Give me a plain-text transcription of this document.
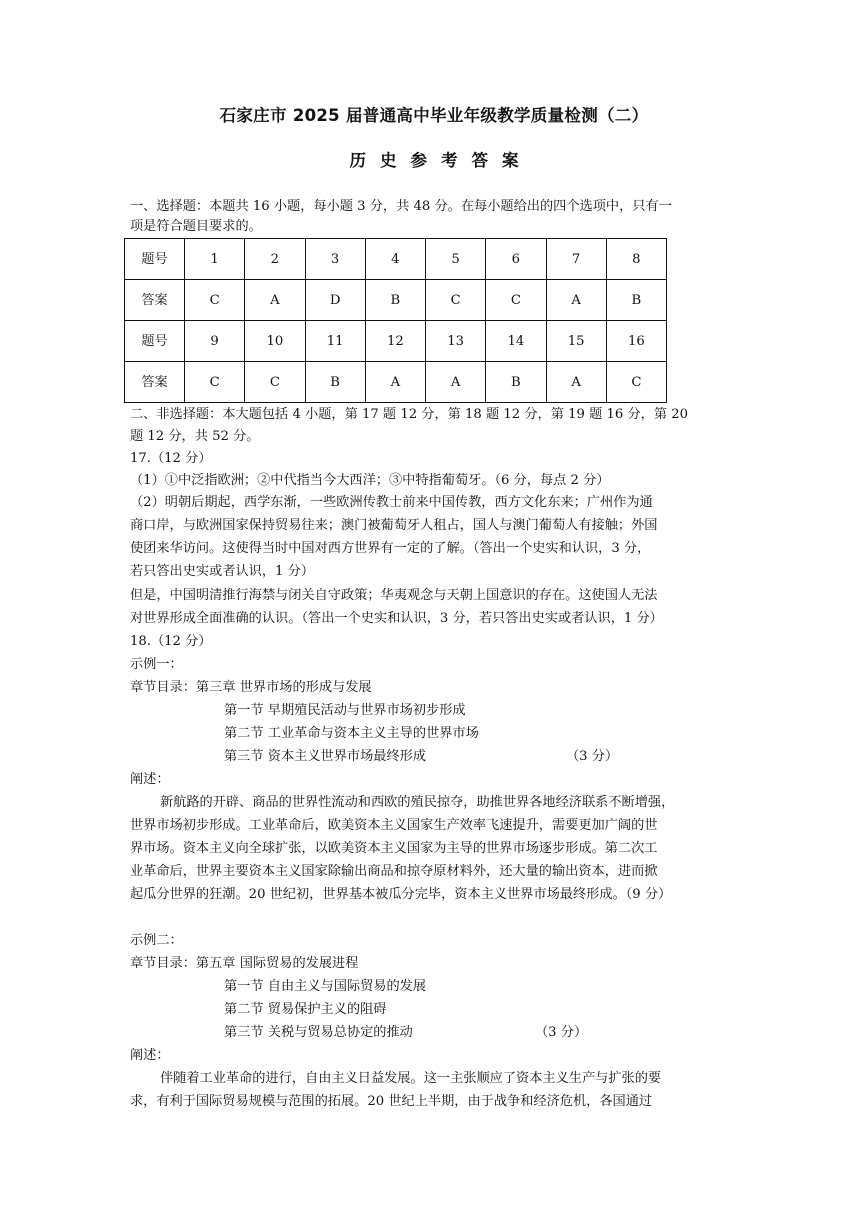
石家庄市 2025 届普通高中毕业年级教学质量检测（二）
历史参考答案
一、选择题：本题共 16 小题，每小题 3 分，共 48 分。在每小题给出的四个选项中，只有一
项是符合题目要求的。
题号	1	2	3	4	5	6	7	8
答案	C	A	D	B	C	C	A	B
题号	9	10	11	12	13	14	15	16
答案	C	C	B	A	A	B	A	C
二、非选择题：本大题包括 4 小题，第 17 题 12 分，第 18 题 12 分，第 19 题 16 分，第 20
题 12 分，共 52 分。
17.（12 分）
（1）①中泛指欧洲；②中代指当今大西洋；③中特指葡萄牙。（6 分，每点 2 分）
（2）明朝后期起，西学东渐，一些欧洲传教士前来中国传教，西方文化东来；广州作为通
商口岸，与欧洲国家保持贸易往来；澳门被葡萄牙人租占，国人与澳门葡萄人有接触；外国
使团来华访问。这使得当时中国对西方世界有一定的了解。（答出一个史实和认识，3 分，
若只答出史实或者认识，1 分）
但是，中国明清推行海禁与闭关自守政策；华夷观念与天朝上国意识的存在。这使国人无法
对世界形成全面准确的认识。（答出一个史实和认识，3 分，若只答出史实或者认识，1 分）
18.（12 分）
示例一：
章节目录：第三章 世界市场的形成与发展
第一节 早期殖民活动与世界市场初步形成
第二节 工业革命与资本主义主导的世界市场
第三节 资本主义世界市场最终形成	（3 分）
阐述：
新航路的开辟、商品的世界性流动和西欧的殖民掠夺，助推世界各地经济联系不断增强，
世界市场初步形成。工业革命后，欧美资本主义国家生产效率飞速提升，需要更加广阔的世
界市场。资本主义向全球扩张，以欧美资本主义国家为主导的世界市场逐步形成。第二次工
业革命后，世界主要资本主义国家除输出商品和掠夺原材料外，还大量的输出资本，进而掀
起瓜分世界的狂潮。20 世纪初，世界基本被瓜分完毕，资本主义世界市场最终形成。（9 分）
示例二：
章节目录：第五章 国际贸易的发展进程
第一节 自由主义与国际贸易的发展
第二节 贸易保护主义的阻碍
第三节 关税与贸易总协定的推动	（3 分）
阐述：
伴随着工业革命的进行，自由主义日益发展。这一主张顺应了资本主义生产与扩张的要
求，有利于国际贸易规模与范围的拓展。20 世纪上半期，由于战争和经济危机，各国通过
